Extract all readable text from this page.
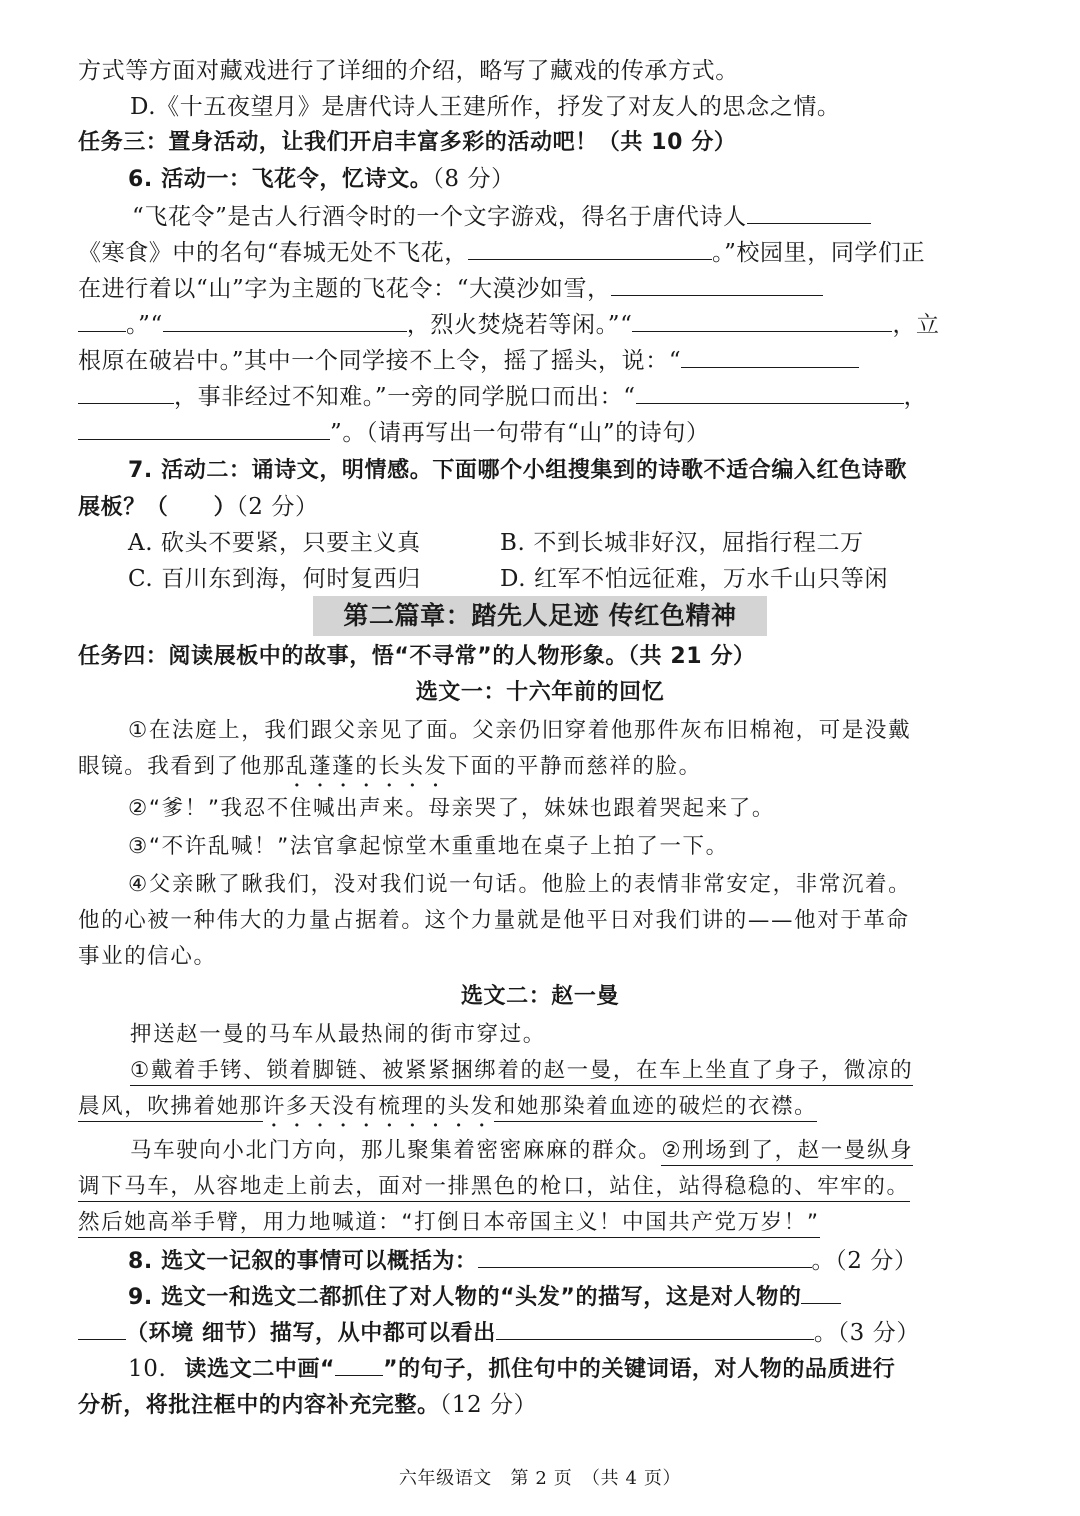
方式等方面对藏戏进行了详细的介绍，略写了藏戏的传承方式。
D.《十五夜望月》是唐代诗人王建所作，抒发了对友人的思念之情。
任务三：置身活动，让我们开启丰富多彩的活动吧！（共 10 分）
6. 活动一：飞花令，忆诗文。（8 分）
“飞花令”是古人行酒令时的一个文字游戏，得名于唐代诗人
《寒食》中的名句“春城无处不飞花，	。”校园里，同学们正
在进行着以“山”字为主题的飞花令：“大漠沙如雪，
。”“	，烈火焚烧若等闲。”“	，立
根原在破岩中。”其中一个同学接不上令，摇了摇头，说：“
，事非经过不知难。”一旁的同学脱口而出：“	，
”。（请再写出一句带有“山”的诗句）
7. 活动二：诵诗文，明情感。下面哪个小组搜集到的诗歌不适合编入红色诗歌
展板？（　　）（2 分）
A. 砍头不要紧，只要主义真	B. 不到长城非好汉，屈指行程二万
C. 百川东到海，何时复西归	D. 红军不怕远征难，万水千山只等闲
第二篇章：踏先人足迹 传红色精神
任务四：阅读展板中的故事，悟“不寻常”的人物形象。（共 21 分）
选文一：十六年前的回忆
①在法庭上，我们跟父亲见了面。父亲仍旧穿着他那件灰布旧棉袍，可是没戴
眼镜。我看到了他那乱蓬蓬的长头发下面的平静而慈祥的脸。
②“爹！”我忍不住喊出声来。母亲哭了，妹妹也跟着哭起来了。
③“不许乱喊！”法官拿起惊堂木重重地在桌子上拍了一下。
④父亲瞅了瞅我们，没对我们说一句话。他脸上的表情非常安定，非常沉着。
他的心被一种伟大的力量占据着。这个力量就是他平日对我们讲的——他对于革命
事业的信心。
选文二：赵一曼
押送赵一曼的马车从最热闹的街市穿过。
①戴着手铐、锁着脚链、被紧紧捆绑着的赵一曼，在车上坐直了身子，微凉的
晨风，吹拂着她那许多天没有梳理的头发和她那染着血迹的破烂的衣襟。
马车驶向小北门方向，那儿聚集着密密麻麻的群众。②刑场到了，赵一曼纵身
调下马车，从容地走上前去，面对一排黑色的枪口，站住，站得稳稳的、牢牢的。
然后她高举手臂，用力地喊道：“打倒日本帝国主义！中国共产党万岁！”
8. 选文一记叙的事情可以概括为：	。（2 分）
9. 选文一和选文二都抓住了对人物的“头发”的描写，这是对人物的
（环境 细节）描写，从中都可以看出	。（3 分）
10. 读选文二中画“ ”的句子，抓住句中的关键词语，对人物的品质进行
分析，将批注框中的内容补充完整。（12 分）
六年级语文　第 2 页　（共 4 页）
